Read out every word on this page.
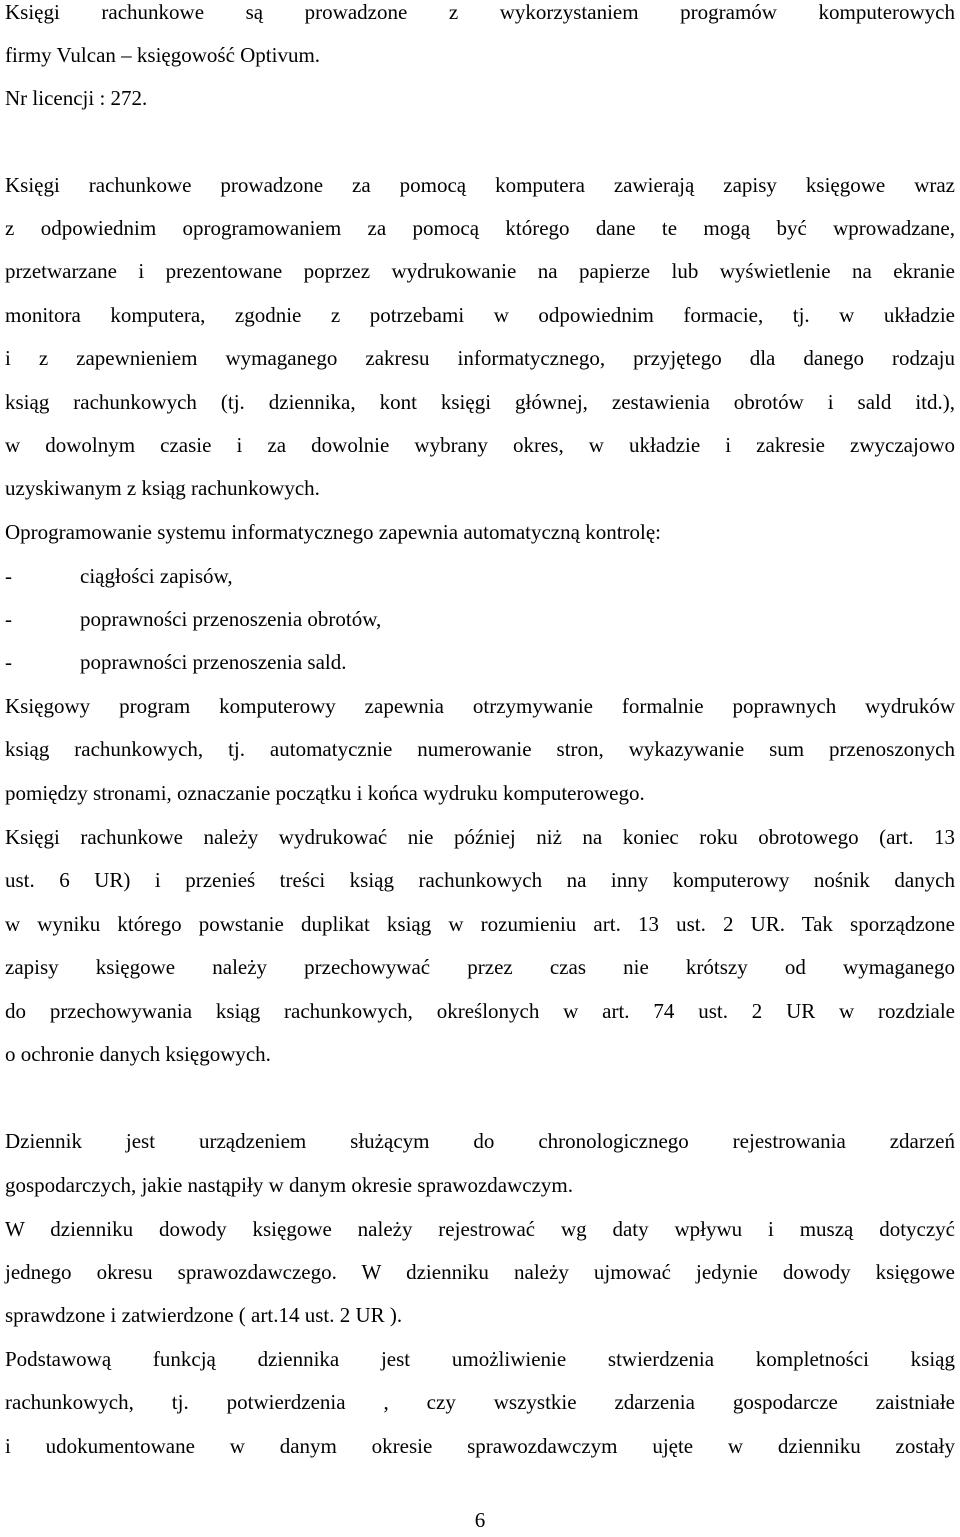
Księgi rachunkowe są prowadzone z wykorzystaniem programów komputerowych

firmy Vulcan – księgowość Optivum.

Nr licencji : 272.

Księgi rachunkowe prowadzone za pomocą komputera zawierają zapisy księgowe wraz

z odpowiednim oprogramowaniem za pomocą którego dane te mogą być wprowadzane,

przetwarzane i prezentowane poprzez wydrukowanie na papierze lub wyświetlenie na ekranie

monitora komputera, zgodnie z potrzebami w odpowiednim formacie, tj. w układzie

i z zapewnieniem wymaganego zakresu informatycznego, przyjętego dla danego rodzaju

ksiąg rachunkowych (tj. dziennika, kont księgi głównej, zestawienia obrotów i sald itd.),

w dowolnym czasie i za dowolnie wybrany okres, w układzie i zakresie zwyczajowo

uzyskiwanym z ksiąg rachunkowych.

Oprogramowanie systemu informatycznego zapewnia automatyczną kontrolę:

-	ciągłości zapisów,
-	poprawności przenoszenia obrotów,
-	poprawności przenoszenia sald.

Księgowy program komputerowy zapewnia otrzymywanie formalnie poprawnych wydruków

ksiąg rachunkowych, tj. automatycznie numerowanie stron, wykazywanie sum przenoszonych

pomiędzy stronami, oznaczanie początku i końca wydruku komputerowego.

Księgi rachunkowe należy wydrukować nie później niż na koniec roku obrotowego (art. 13

ust. 6 UR) i przenieś treści ksiąg rachunkowych na inny komputerowy nośnik danych

w wyniku którego powstanie duplikat ksiąg w rozumieniu art. 13 ust. 2 UR. Tak sporządzone

zapisy księgowe należy przechowywać przez czas nie krótszy od wymaganego

do przechowywania ksiąg rachunkowych, określonych w art. 74 ust. 2 UR w rozdziale

o ochronie danych księgowych.

Dziennik jest urządzeniem służącym do chronologicznego rejestrowania zdarzeń

gospodarczych, jakie nastąpiły w danym okresie sprawozdawczym.

W dzienniku dowody księgowe należy rejestrować wg daty wpływu i muszą dotyczyć

jednego okresu sprawozdawczego. W dzienniku należy ujmować jedynie dowody księgowe

sprawdzone i zatwierdzone ( art.14 ust. 2 UR ).

Podstawową funkcją dziennika jest umożliwienie stwierdzenia kompletności ksiąg

rachunkowych, tj. potwierdzenia , czy wszystkie zdarzenia gospodarcze zaistniałe

i udokumentowane w danym okresie sprawozdawczym ujęte w dzienniku zostały

6
